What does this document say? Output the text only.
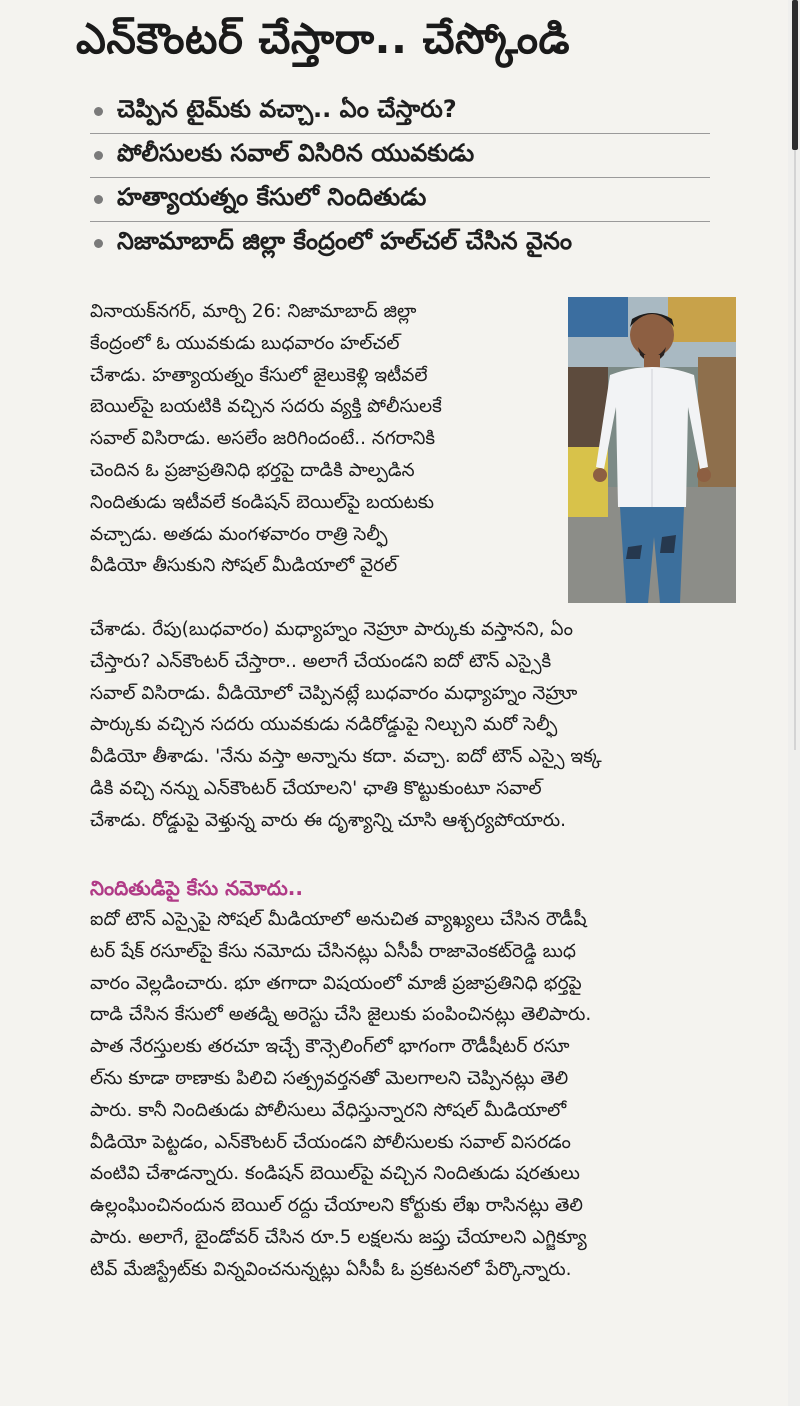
ఎన్‌కౌంటర్ చేస్తారా.. చేస్కోండి
చెప్పిన టైమ్‌కు వచ్చా.. ఏం చేస్తారు?
పోలీసులకు సవాల్ విసిరిన యువకుడు
హత్యాయత్నం కేసులో నిందితుడు
నిజామాబాద్ జిల్లా కేంద్రంలో హల్‌చల్ చేసిన వైనం
వినాయక్‌నగర్, మార్చి 26: నిజామాబాద్ జిల్లా
కేంద్రంలో ఓ యువకుడు బుధవారం హల్‌చల్
చేశాడు. హత్యాయత్నం కేసులో జైలుకెళ్లి ఇటీవలే
బెయిల్‌పై బయటికి వచ్చిన సదరు వ్యక్తి పోలీసులకే
సవాల్ విసిరాడు. అసలేం జరిగిందంటే.. నగరానికి
చెందిన ఓ ప్రజాప్రతినిధి భర్తపై దాడికి పాల్పడిన
నిందితుడు ఇటీవలే కండిషన్ బెయిల్‌పై బయటకు
వచ్చాడు. అతడు మంగళవారం రాత్రి సెల్ఫీ
వీడియో తీసుకుని సోషల్ మీడియాలో వైరల్
చేశాడు. రేపు(బుధవారం) మధ్యాహ్నం నెహ్రూ పార్కుకు వస్తానని, ఏం
చేస్తారు? ఎన్‌కౌంటర్ చేస్తారా.. అలాగే చేయండని ఐదో టౌన్ ఎస్సైకి
సవాల్ విసిరాడు. వీడియోలో చెప్పినట్లే బుధవారం మధ్యాహ్నం నెహ్రూ
పార్కుకు వచ్చిన సదరు యువకుడు నడిరోడ్డుపై నిల్చుని మరో సెల్ఫీ
వీడియో తీశాడు. 'నేను వస్తా అన్నాను కదా. వచ్చా. ఐదో టౌన్ ఎస్సై ఇక్క
డికి వచ్చి నన్ను ఎన్‌కౌంటర్ చేయాలని' ఛాతి కొట్టుకుంటూ సవాల్
చేశాడు. రోడ్డుపై వెళ్తున్న వారు ఈ దృశ్యాన్ని చూసి ఆశ్చర్యపోయారు.
నిందితుడిపై కేసు నమోదు..
ఐదో టౌన్ ఎస్సైపై సోషల్ మీడియాలో అనుచిత వ్యాఖ్యలు చేసిన రౌడీషీ
టర్ షేక్ రసూల్‌పై కేసు నమోదు చేసినట్లు ఏసీపీ రాజావెంకట్‌రెడ్డి బుధ
వారం వెల్లడించారు. భూ తగాదా విషయంలో మాజీ ప్రజాప్రతినిధి భర్తపై
దాడి చేసిన కేసులో అతడ్ని అరెస్టు చేసి జైలుకు పంపించినట్లు తెలిపారు.
పాత నేరస్తులకు తరచూ ఇచ్చే కౌన్సెలింగ్‌లో భాగంగా రౌడీషీటర్ రసూ
ల్‌ను కూడా ఠాణాకు పిలిచి సత్ప్రవర్తనతో మెలగాలని చెప్పినట్లు తెలి
పారు. కానీ నిందితుడు పోలీసులు వేధిస్తున్నారని సోషల్ మీడియాలో
వీడియో పెట్టడం, ఎన్‌కౌంటర్ చేయండని పోలీసులకు సవాల్ విసరడం
వంటివి చేశాడన్నారు. కండిషన్ బెయిల్‌పై వచ్చిన నిందితుడు షరతులు
ఉల్లంఘించినందున బెయిల్ రద్దు చేయాలని కోర్టుకు లేఖ రాసినట్లు తెలి
పారు. అలాగే, బైండోవర్ చేసిన రూ.5 లక్షలను జప్తు చేయాలని ఎగ్జిక్యూ
టివ్ మేజిస్ట్రేట్‌కు విన్నవించనున్నట్లు ఏసీపీ ఓ ప్రకటనలో పేర్కొన్నారు.
